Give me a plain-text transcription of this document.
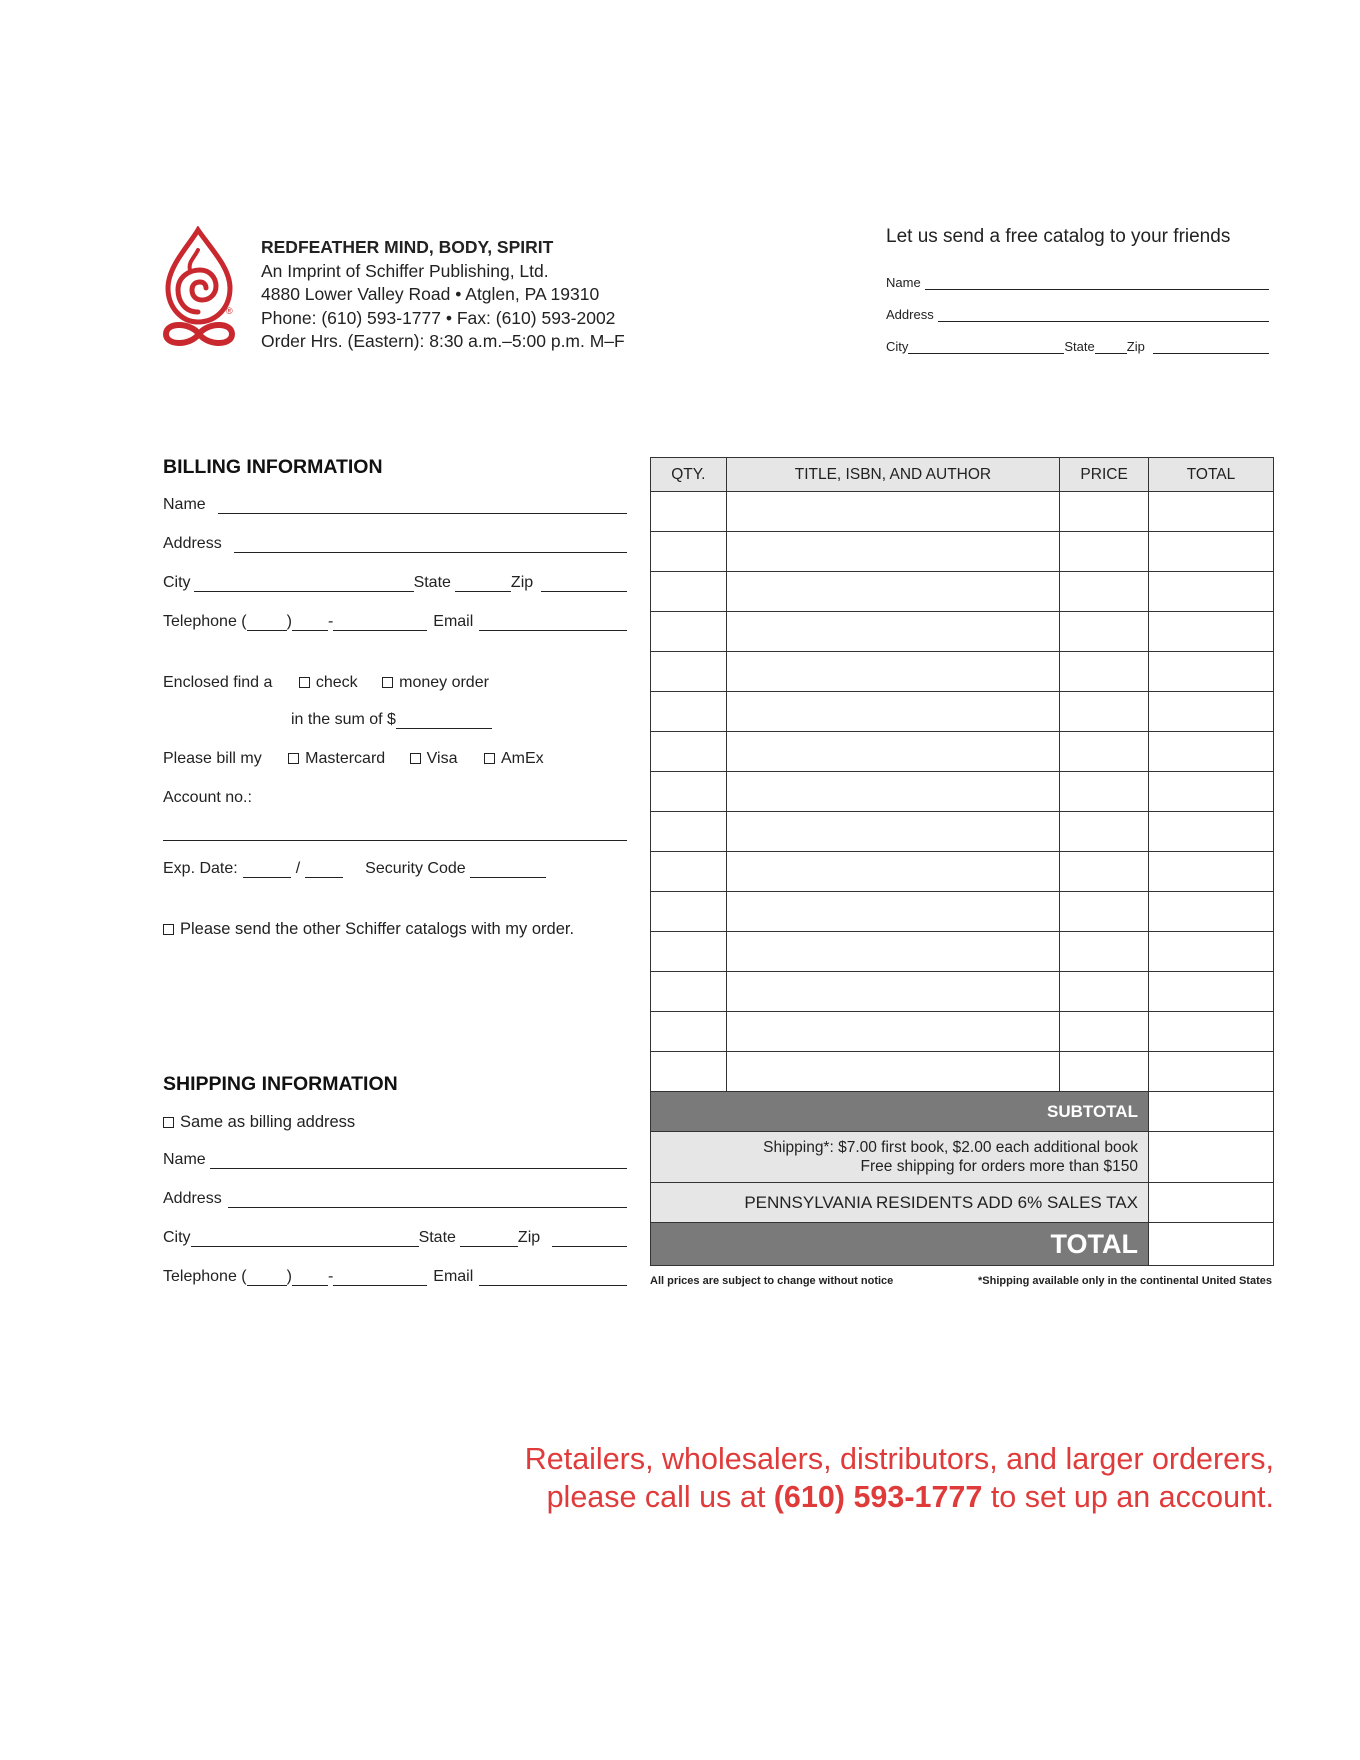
®
REDFEATHER MIND, BODY, SPIRIT
An Imprint of Schiffer Publishing, Ltd.
4880 Lower Valley Road • Atglen, PA 19310
Phone: (610) 593-1777 • Fax: (610) 593-2002
Order Hrs. (Eastern): 8:30 a.m.–5:00 p.m. M–F
Let us send a free catalog to your friends
Name
Address
City	State Zip
BILLING INFORMATION
Name
Address
City	State	Zip
Telephone (	) -	Email
Enclosed find a	check	money order
in the sum of $
Please bill my	Mastercard	Visa	AmEx
Account no.:
Exp. Date:	/	Security Code
Please send the other Schiffer catalogs with my order.
SHIPPING INFORMATION
Same as billing address
Name
Address
City	State	Zip
Telephone (	) -	Email
QTY.	TITLE, ISBN, AND AUTHOR	PRICE	TOTAL

SUBTOTAL			

Shipping*: $7.00 first book, $2.00 each additional book
Free shipping for orders more than $150			

PENNSYLVANIA RESIDENTS ADD 6% SALES TAX			
TOTAL			
All prices are subject to change without notice	*Shipping available only in the continental United States
Retailers, wholesalers, distributors, and larger orderers,
please call us at (610) 593-1777 to set up an account.
